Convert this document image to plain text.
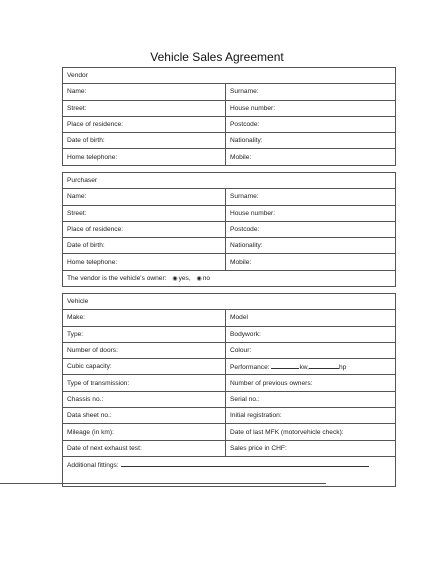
Vehicle Sales Agreement
Vendor	
Name:	Surname:
Street:	House number:
Place of residence:	Postcode:
Date of birth:	Nationality:
Home telephone:	Mobile:
Purchaser	
Name:	Surname:
Street:	House number:
Place of residence:	Postcode:
Date of birth:	Nationality:
Home telephone:	Mobile:
The vendor is the vehicle's owner: ◉yes, ◉no	
Vehicle	
Make:	Model
Type:	Bodywork:
Number of doors:	Colour:
Cubic capacity:	Performance: kw, hp
Type of transmission:	Number of previous owners:
Chassis no.:	Serial no.:
Data sheet no.:	Initial registration:
Mileage (in km):	Date of last MFK (motorvehicle check):
Date of next exhaust test:	Sales price in CHF:
Additional fittings:	
